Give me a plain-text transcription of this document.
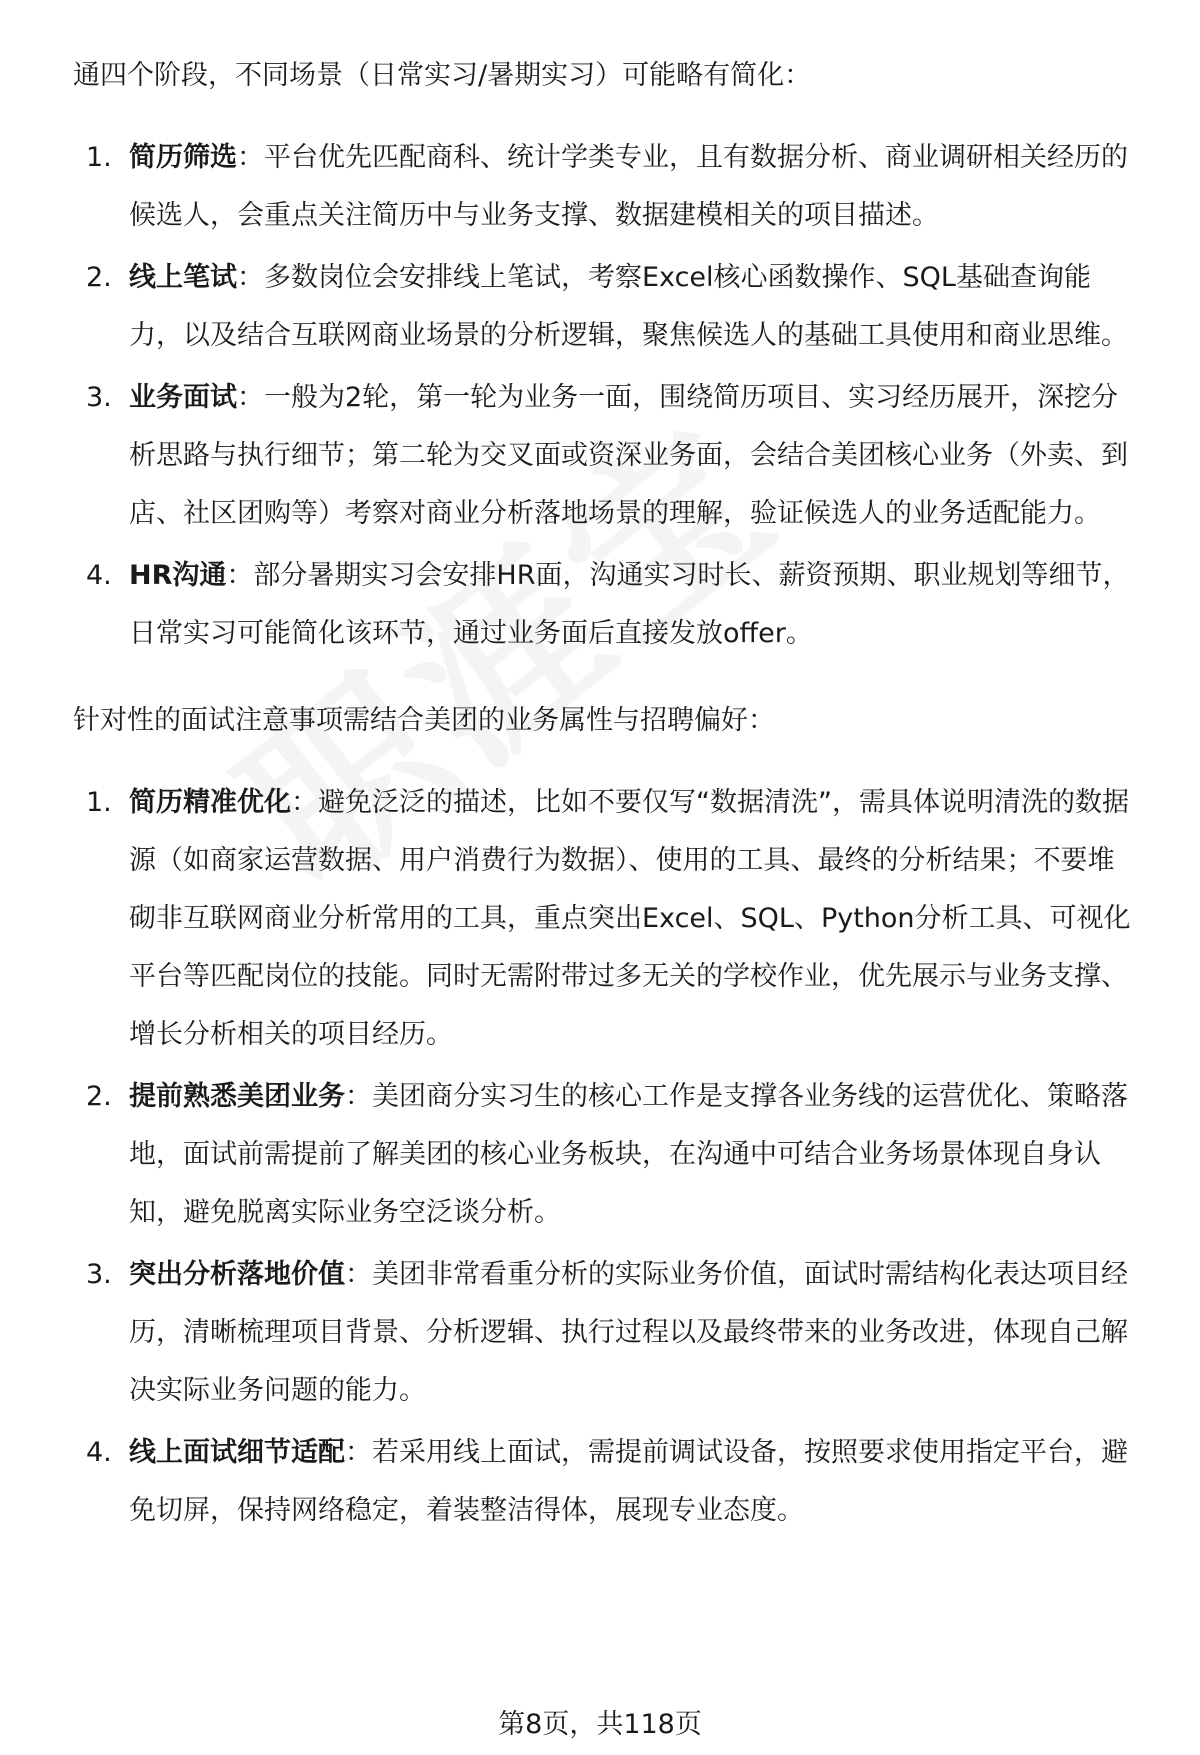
通四个阶段，不同场景（日常实习/暑期实习）可能略有简化：

1. 简历筛选：平台优先匹配商科、统计学类专业，且有数据分析、商业调研相关经历的候选人，会重点关注简历中与业务支撑、数据建模相关的项目描述。
2. 线上笔试：多数岗位会安排线上笔试，考察Excel核心函数操作、SQL基础查询能力，以及结合互联网商业场景的分析逻辑，聚焦候选人的基础工具使用和商业思维。
3. 业务面试：一般为2轮，第一轮为业务一面，围绕简历项目、实习经历展开，深挖分析思路与执行细节；第二轮为交叉面或资深业务面，会结合美团核心业务（外卖、到店、社区团购等）考察对商业分析落地场景的理解，验证候选人的业务适配能力。
4. HR沟通：部分暑期实习会安排HR面，沟通实习时长、薪资预期、职业规划等细节，日常实习可能简化该环节，通过业务面后直接发放offer。

针对性的面试注意事项需结合美团的业务属性与招聘偏好：

1. 简历精准优化：避免泛泛的描述，比如不要仅写“数据清洗”，需具体说明清洗的数据源（如商家运营数据、用户消费行为数据）、使用的工具、最终的分析结果；不要堆砌非互联网商业分析常用的工具，重点突出Excel、SQL、Python分析工具、可视化平台等匹配岗位的技能。同时无需附带过多无关的学校作业，优先展示与业务支撑、增长分析相关的项目经历。
2. 提前熟悉美团业务：美团商分实习生的核心工作是支撑各业务线的运营优化、策略落地，面试前需提前了解美团的核心业务板块，在沟通中可结合业务场景体现自身认知，避免脱离实际业务空泛谈分析。
3. 突出分析落地价值：美团非常看重分析的实际业务价值，面试时需结构化表达项目经历，清晰梳理项目背景、分析逻辑、执行过程以及最终带来的业务改进，体现自己解决实际业务问题的能力。
4. 线上面试细节适配：若采用线上面试，需提前调试设备，按照要求使用指定平台，避免切屏，保持网络稳定，着装整洁得体，展现专业态度。
第8页，共118页
